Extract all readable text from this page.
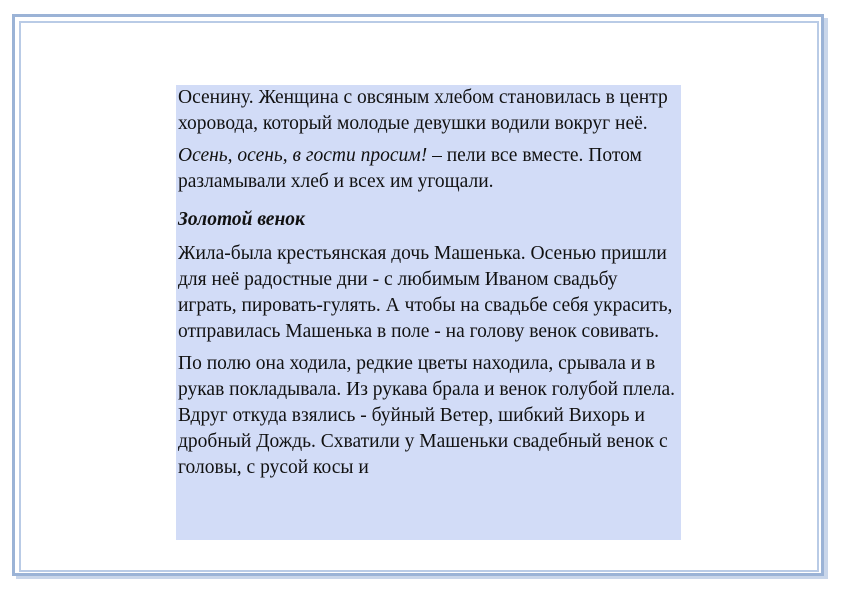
Осенину. Женщина с овсяным хлебом становилась в центр хоровода, который молодые девушки водили вокруг неё.

Осень, осень, в гости просим! – пели все вместе. Потом разламывали хлеб и всех им угощали.

Золотой венок

Жила-была крестьянская дочь Машенька. Осенью пришли для неё радостные дни - с любимым Иваном свадьбу играть, пировать-гулять. А чтобы на свадьбе себя украсить, отправилась Машенька в поле - на голову венок совивать.

По полю она ходила, редкие цветы находила, срывала и в рукав покладывала. Из рукава брала и венок голубой плела. Вдруг откуда взялись - буйный Ветер, шибкий Вихорь и дробный Дождь. Схватили у Машеньки свадебный венок с головы, с русой косы и
